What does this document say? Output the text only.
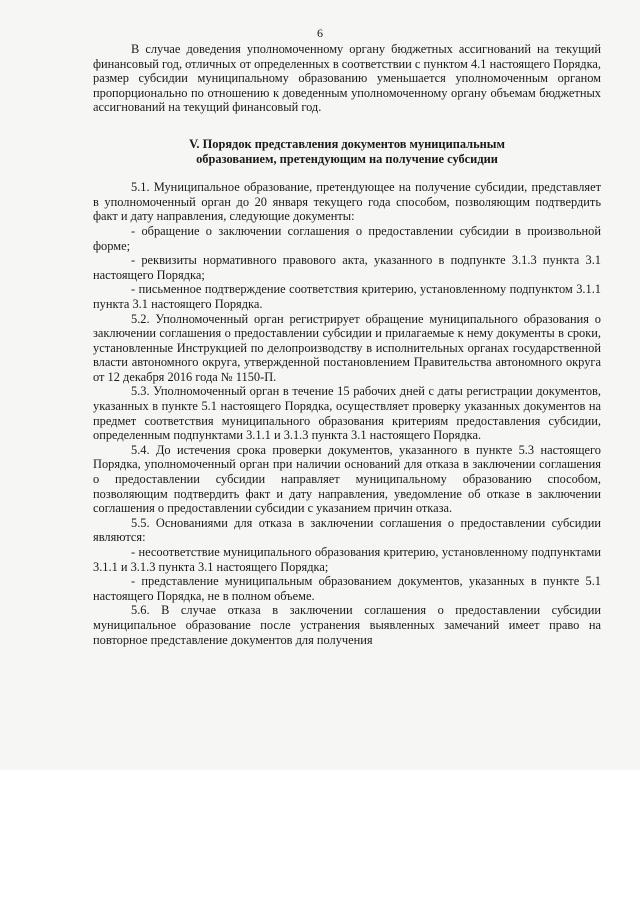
6

В случае доведения уполномоченному органу бюджетных ассигнований на текущий финансовый год, отличных от определенных в соответствии с пунктом 4.1 настоящего Порядка, размер субсидии муниципальному образованию уменьшается уполномоченным органом пропорционально по отношению к доведенным уполномоченному органу объемам бюджетных ассигнований на текущий финансовый год.

V. Порядок представления документов муниципальным
образованием, претендующим на получение субсидии

5.1. Муниципальное образование, претендующее на получение субсидии, представляет в уполномоченный орган до 20 января текущего года способом, позволяющим подтвердить факт и дату направления, следующие документы:

- обращение о заключении соглашения о предоставлении субсидии в произвольной форме;

- реквизиты нормативного правового акта, указанного в подпункте 3.1.3 пункта 3.1 настоящего Порядка;

- письменное подтверждение соответствия критерию, установленному подпунктом 3.1.1 пункта 3.1 настоящего Порядка.

5.2. Уполномоченный орган регистрирует обращение муниципального образования о заключении соглашения о предоставлении субсидии и прилагаемые к нему документы в сроки, установленные Инструкцией по делопроизводству в исполнительных органах государственной власти автономного округа, утвержденной постановлением Правительства автономного округа от 12 декабря 2016 года № 1150-П.

5.3. Уполномоченный орган в течение 15 рабочих дней с даты регистрации документов, указанных в пункте 5.1 настоящего Порядка, осуществляет проверку указанных документов на предмет соответствия муниципального образования критериям предоставления субсидии, определенным подпунктами 3.1.1 и 3.1.3 пункта 3.1 настоящего Порядка.

5.4. До истечения срока проверки документов, указанного в пункте 5.3 настоящего Порядка, уполномоченный орган при наличии оснований для отказа в заключении соглашения о предоставлении субсидии направляет муниципальному образованию способом, позволяющим подтвердить факт и дату направления, уведомление об отказе в заключении соглашения о предоставлении субсидии с указанием причин отказа.

5.5. Основаниями для отказа в заключении соглашения о предоставлении субсидии являются:

- несоответствие муниципального образования критерию, установленному подпунктами 3.1.1 и 3.1.3 пункта 3.1 настоящего Порядка;

- представление муниципальным образованием документов, указанных в пункте 5.1 настоящего Порядка, не в полном объеме.

5.6. В случае отказа в заключении соглашения о предоставлении субсидии муниципальное образование после устранения выявленных замечаний имеет право на повторное представление документов для получения
